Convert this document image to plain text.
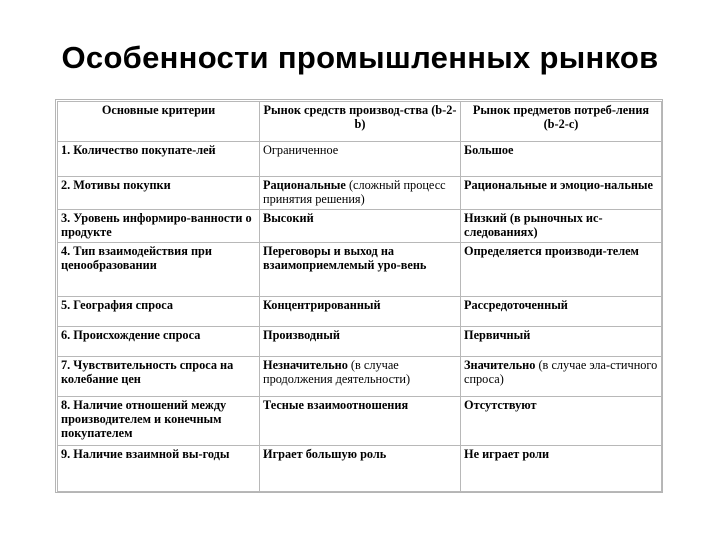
Особенности промышленных рынков
Основные критерии	Рынок средств производ-ства (b-2-b)	Рынок предметов потреб-ления (b-2-c)
1. Количество покупате-лей	Ограниченное	Большое
2. Мотивы покупки	Рациональные (сложный процесс принятия решения)	Рациональные и эмоцио-нальные
3. Уровень информиро-ванности о продукте	Высокий	Низкий (в рыночных ис-следованиях)
4. Тип взаимодействия при ценообразовании	Переговоры и выход на взаимоприемлемый уро-вень	Определяется производи-телем
5. География спроса	Концентрированный	Рассредоточенный
6. Происхождение спроса	Производный	Первичный
7. Чувствительность спроса на колебание цен	Незначительно (в случае продолжения деятельности)	Значительно (в случае эла-стичного спроса)
8. Наличие отношений между производителем и конечным покупателем	Тесные взаимоотношения	Отсутствуют
9. Наличие взаимной вы-годы	Играет большую роль	Не играет роли
